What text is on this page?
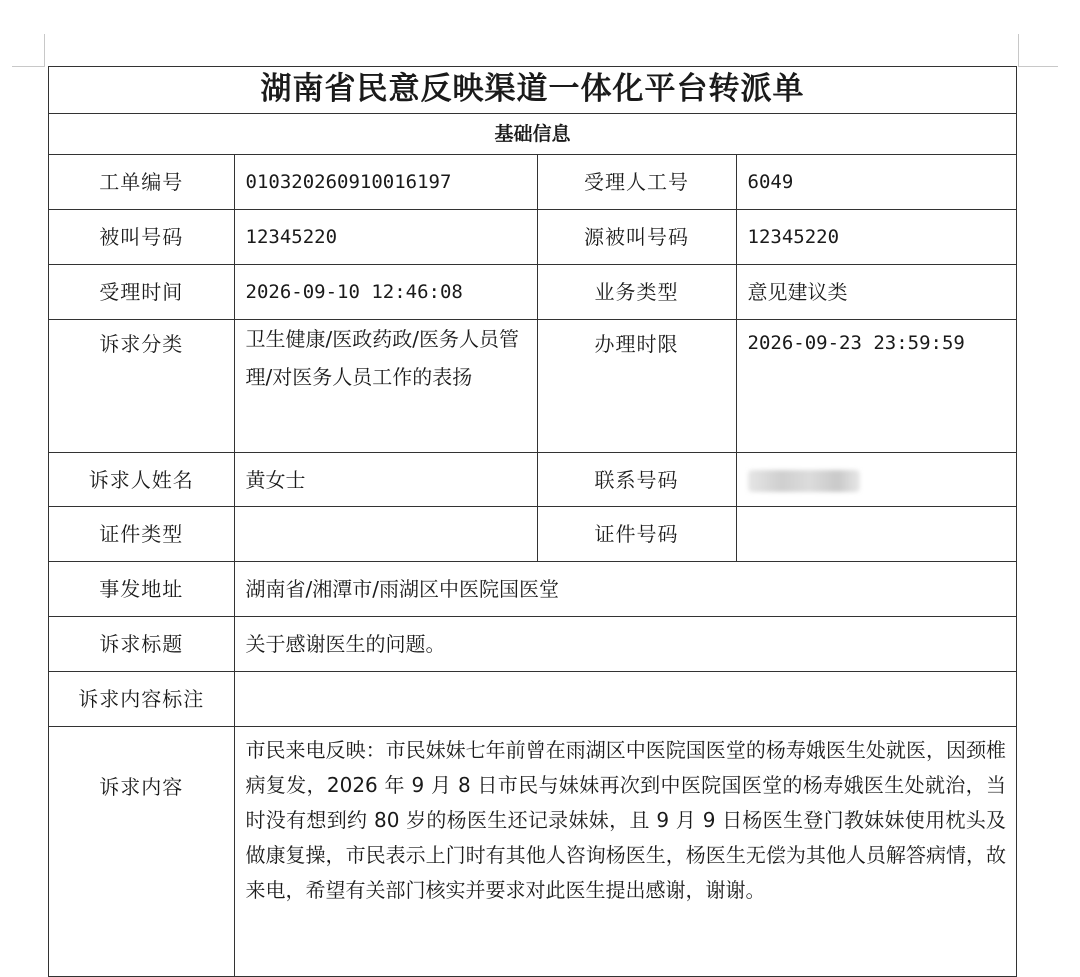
湖南省民意反映渠道一体化平台转派单			
基础信息			
工单编号	010320260910016197	受理人工号	6049
被叫号码	12345220	源被叫号码	12345220
受理时间	2026-09-10 12:46:08	业务类型	意见建议类
诉求分类	卫生健康/医政药政/医务人员管理/对医务人员工作的表扬	办理时限	2026-09-23 23:59:59
诉求人姓名	黄女士	联系号码	
证件类型		证件号码	
事发地址	湖南省/湘潭市/雨湖区中医院国医堂		
诉求标题	关于感谢医生的问题。		
诉求内容标注			
诉求内容	市民来电反映：市民妹妹七年前曾在雨湖区中医院国医堂的杨寿娥医生处就医，因颈椎病复发，2026 年 9 月 8 日市民与妹妹再次到中医院国医堂的杨寿娥医生处就治，当时没有想到约 80 岁的杨医生还记录妹妹，且 9 月 9 日杨医生登门教妹妹使用枕头及做康复操，市民表示上门时有其他人咨询杨医生，杨医生无偿为其他人员解答病情，故来电，希望有关部门核实并要求对此医生提出感谢，谢谢。		
